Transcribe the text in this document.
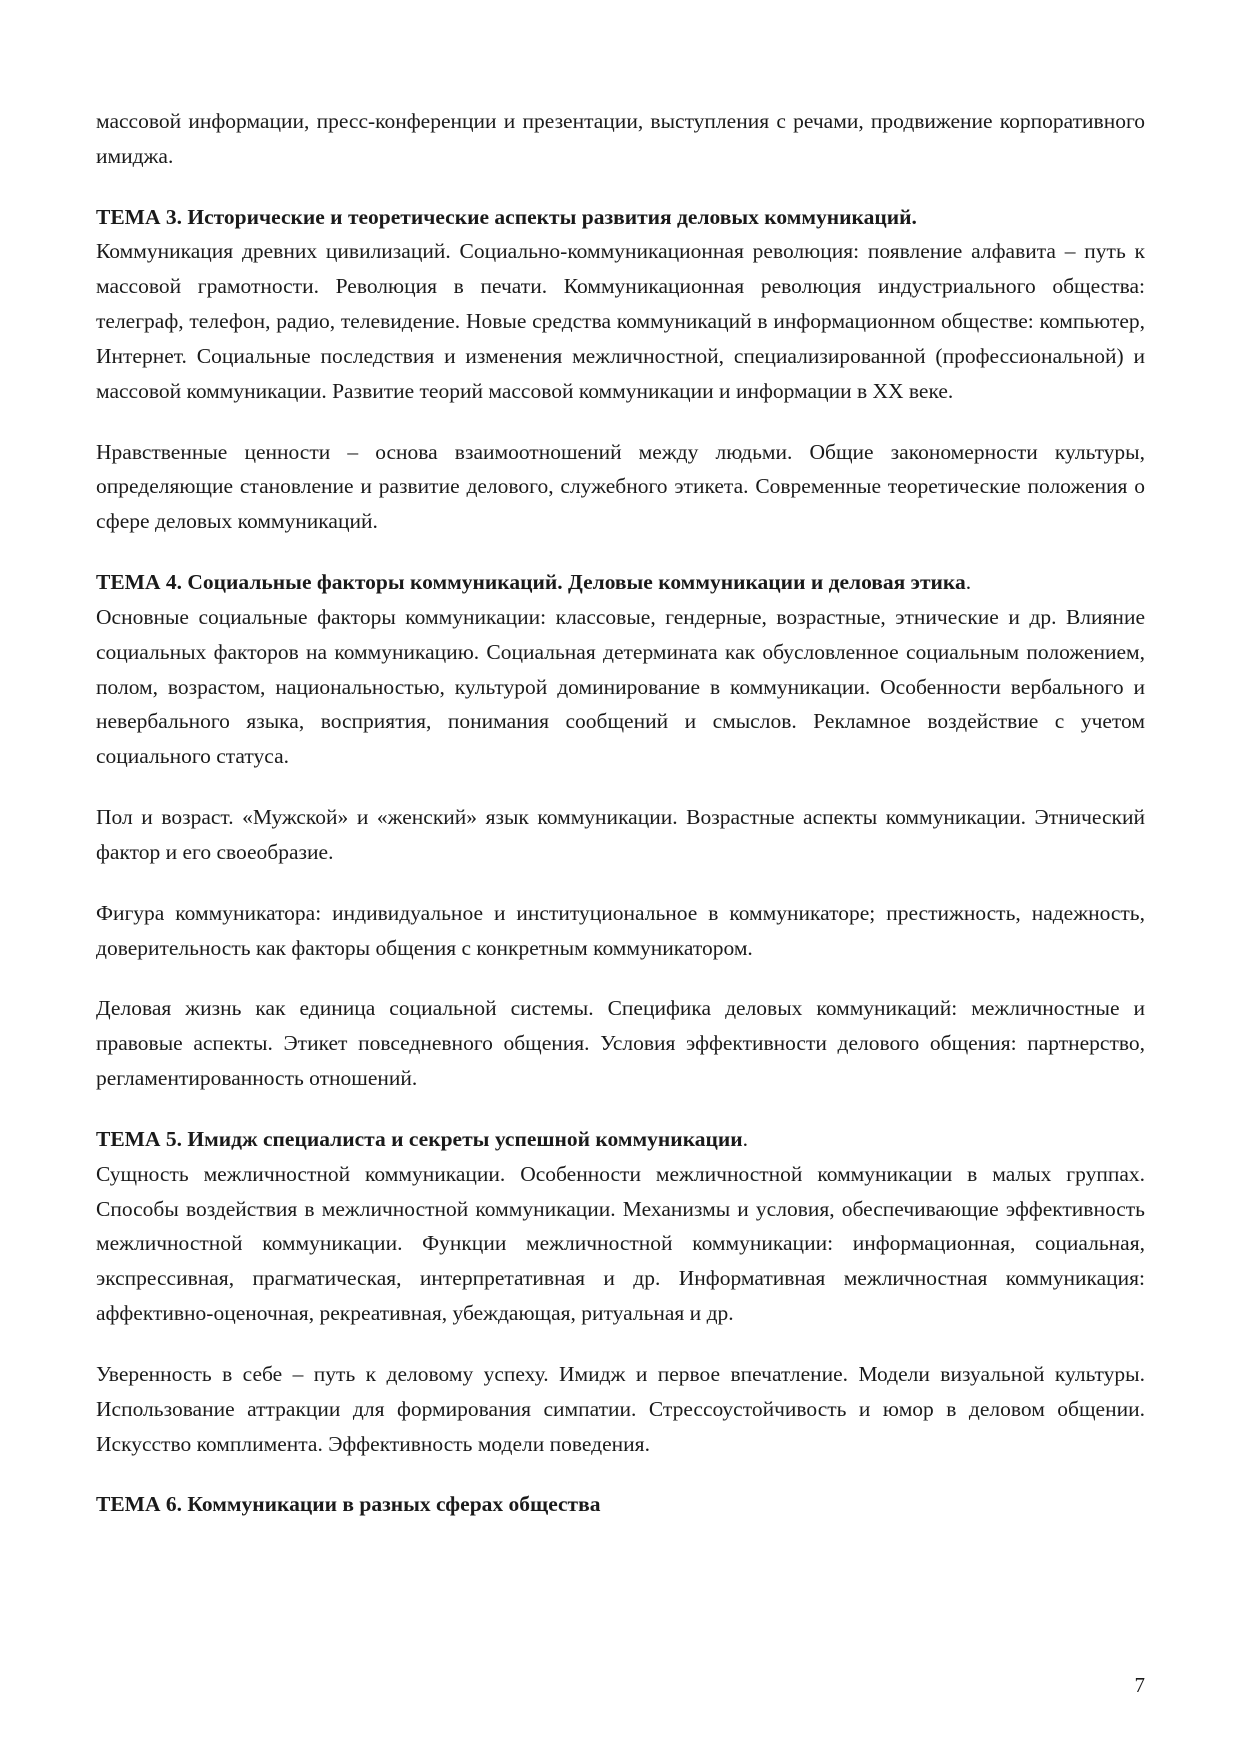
массовой информации, пресс-конференции и презентации, выступления с речами, продвижение корпоративного имиджа.

ТЕМА 3. Исторические и теоретические аспекты развития деловых коммуникаций.

Коммуникация древних цивилизаций. Социально-коммуникационная революция: появление алфавита – путь к массовой грамотности. Революция в печати. Коммуникационная революция индустриального общества: телеграф, телефон, радио, телевидение. Новые средства коммуникаций в информационном обществе: компьютер, Интернет. Социальные последствия и изменения межличностной, специализированной (профессиональной) и массовой коммуникации. Развитие теорий массовой коммуникации и информации в XX веке.

Нравственные ценности – основа взаимоотношений между людьми. Общие закономерности культуры, определяющие становление и развитие делового, служебного этикета. Современные теоретические положения о сфере деловых коммуникаций.

ТЕМА 4. Социальные факторы коммуникаций. Деловые коммуникации и деловая этика.

Основные социальные факторы коммуникации: классовые, гендерные, возрастные, этнические и др. Влияние социальных факторов на коммуникацию. Социальная детермината как обусловленное социальным положением, полом, возрастом, национальностью, культурой доминирование в коммуникации. Особенности вербального и невербального языка, восприятия, понимания сообщений и смыслов. Рекламное воздействие с учетом социального статуса.

Пол и возраст. «Мужской» и «женский» язык коммуникации. Возрастные аспекты коммуникации. Этнический фактор и его своеобразие.

Фигура коммуникатора: индивидуальное и институциональное в коммуникаторе; престижность, надежность, доверительность как факторы общения с конкретным коммуникатором.

Деловая жизнь как единица социальной системы. Специфика деловых коммуникаций: межличностные и правовые аспекты. Этикет повседневного общения. Условия эффективности делового общения: партнерство, регламентированность отношений.

ТЕМА 5. Имидж специалиста и секреты успешной коммуникации.

Сущность межличностной коммуникации. Особенности межличностной коммуникации в малых группах. Способы воздействия в межличностной коммуникации. Механизмы и условия, обеспечивающие эффективность межличностной коммуникации. Функции межличностной коммуникации: информационная, социальная, экспрессивная, прагматическая, интерпретативная и др. Информативная межличностная коммуникация: аффективно-оценочная, рекреативная, убеждающая, ритуальная и др.

Уверенность в себе – путь к деловому успеху. Имидж и первое впечатление. Модели визуальной культуры. Использование аттракции для формирования симпатии. Стрессоустойчивость и юмор в деловом общении. Искусство комплимента. Эффективность модели поведения.

ТЕМА 6. Коммуникации в разных сферах общества

7
